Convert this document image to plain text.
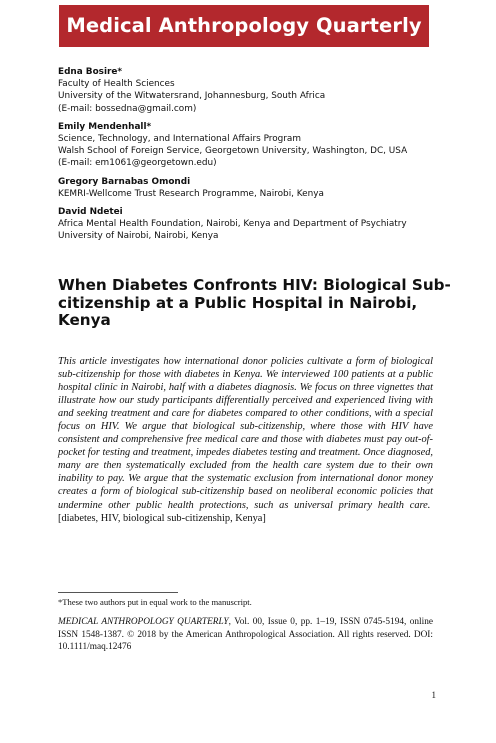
Medical Anthropology Quarterly
Edna Bosire*
Faculty of Health Sciences
University of the Witwatersrand, Johannesburg, South Africa
(E-mail: bossedna@gmail.com)
Emily Mendenhall*
Science, Technology, and International Affairs Program
Walsh School of Foreign Service, Georgetown University, Washington, DC, USA
(E-mail: em1061@georgetown.edu)
Gregory Barnabas Omondi
KEMRI-Wellcome Trust Research Programme, Nairobi, Kenya
David Ndetei
Africa Mental Health Foundation, Nairobi, Kenya and Department of Psychiatry
University of Nairobi, Nairobi, Kenya
When Diabetes Confronts HIV: Biological Sub-citizenship at a Public Hospital in Nairobi, Kenya

This article investigates how international donor policies cultivate a form of biological sub-citizenship for those with diabetes in Kenya. We interviewed 100 patients at a public hospital clinic in Nairobi, half with a diabetes diagnosis. We focus on three vignettes that illustrate how our study participants differentially perceived and experienced living with and seeking treatment and care for diabetes compared to other conditions, with a special focus on HIV. We argue that biological sub-citizenship, where those with HIV have consistent and comprehensive free medical care and those with diabetes must pay out-of-pocket for testing and treatment, impedes diabetes testing and treatment. Once diagnosed, many are then systematically excluded from the health care system due to their own inability to pay. We argue that the systematic exclusion from international donor money creates a form of biological sub-citizenship based on neoliberal economic policies that undermine other public health protections, such as universal primary health care.  [diabetes, HIV, biological sub-citizenship, Kenya]

*These two authors put in equal work to the manuscript.

MEDICAL ANTHROPOLOGY QUARTERLY, Vol. 00, Issue 0, pp. 1–19, ISSN 0745-5194, online ISSN 1548-1387. © 2018 by the American Anthropological Association. All rights reserved. DOI: 10.1111/maq.12476

1
